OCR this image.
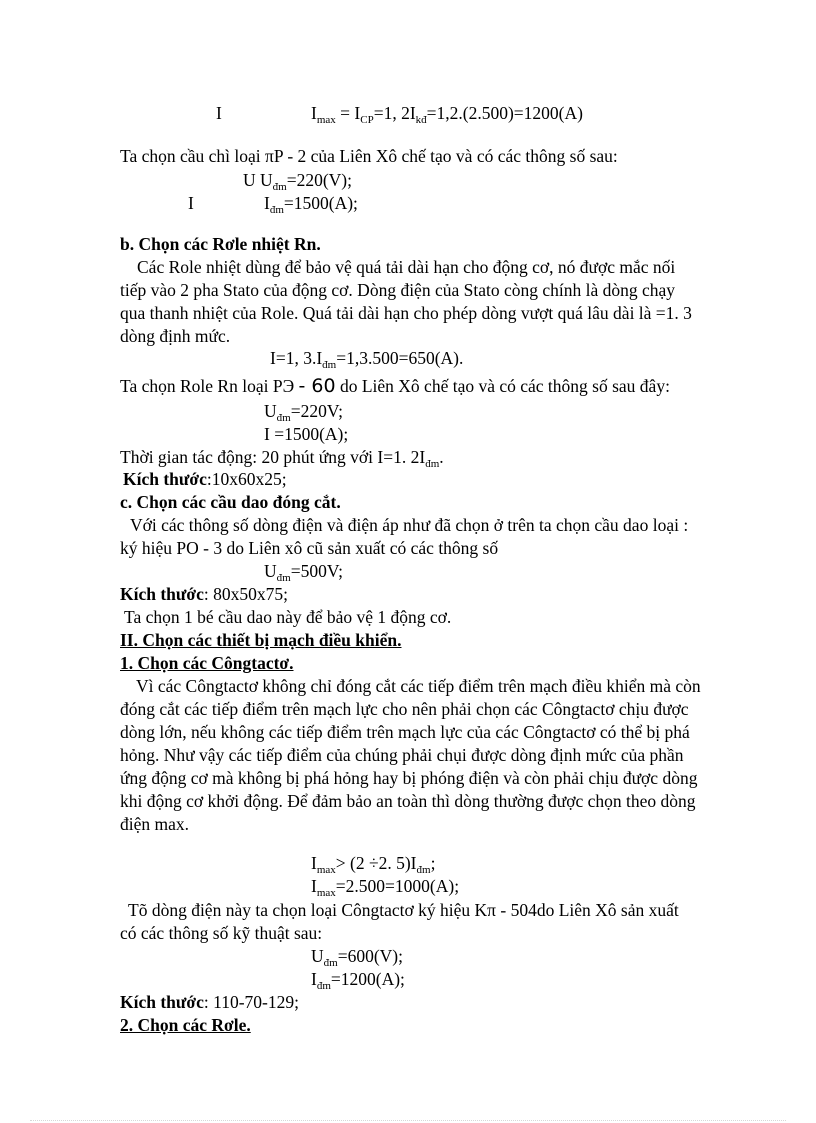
I	$I_{max} = I_{CP}=1$, $2I_{kđ}=1,2.(2.500)=1200(A)$
Ta chọn cầu chì loại πP - 2 của Liên Xô chế tạo và có các thông số sau:
U $U_{đm}=220(V)$;
I	$I_{đm}=1500(A)$;
b. Chọn các Rơle nhiệt Rn.
Các Role nhiệt dùng để bảo vệ quá tải dài hạn cho động cơ, nó được mắc nối
tiếp vào 2 pha Stato của động cơ. Dòng điện của Stato còng chính là dòng chạy
qua thanh nhiệt của Role. Quá tải dài hạn cho phép dòng vượt quá lâu dài là =1. 3
dòng định mức.
I=1, $3.I_{đm}=1,3.500=650(A)$.
Ta chọn Role Rn loại PЭ - 60 do Liên Xô chế tạo và có các thông số sau đây:
$U_{đm}=220V$;
I =1500(A);
Thời gian tác động: 20 phút ứng với I=1. $2I_{đm}$.
Kích thước:10x60x25;
c. Chọn các cầu dao đóng cắt.
Với các thông số dòng điện và điện áp như đã chọn ở trên ta chọn cầu dao loại :
ký hiệu PO - 3 do Liên xô cũ sản xuất có các thông số
$U_{đm}=500V$;
Kích thước: 80x50x75;
Ta chọn 1 bé cầu dao này để bảo vệ 1 động cơ.
II. Chọn các thiết bị mạch điều khiển.
1. Chọn các Côngtactơ.
Vì các Côngtactơ không chỉ đóng cắt các tiếp điểm trên mạch điều khiển mà còn
đóng cắt các tiếp điểm trên mạch lực cho nên phải chọn các Côngtactơ chịu được
dòng lớn, nếu không các tiếp điểm trên mạch lực của các Côngtactơ có thể bị phá
hỏng. Như vậy các tiếp điểm của chúng phải chụi được dòng định mức của phần
ứng động cơ mà không bị phá hỏng hay bị phóng điện và còn phải chịu được dòng
khi động cơ khởi động. Để đảm bảo an toàn thì dòng thường được chọn theo dòng
điện max.
$I_{max}> (2 \div 2$. $5)I_{đm}$;
$I_{max}=2.500=1000(A)$;
Tõ dòng điện này ta chọn loại Côngtactơ ký hiệu Kπ - 504do Liên Xô sản xuất
có các thông số kỹ thuật sau:
$U_{đm}=600(V)$;
$I_{đm}=1200(A)$;
Kích thước: 110-70-129;
2. Chọn các Rơle.
